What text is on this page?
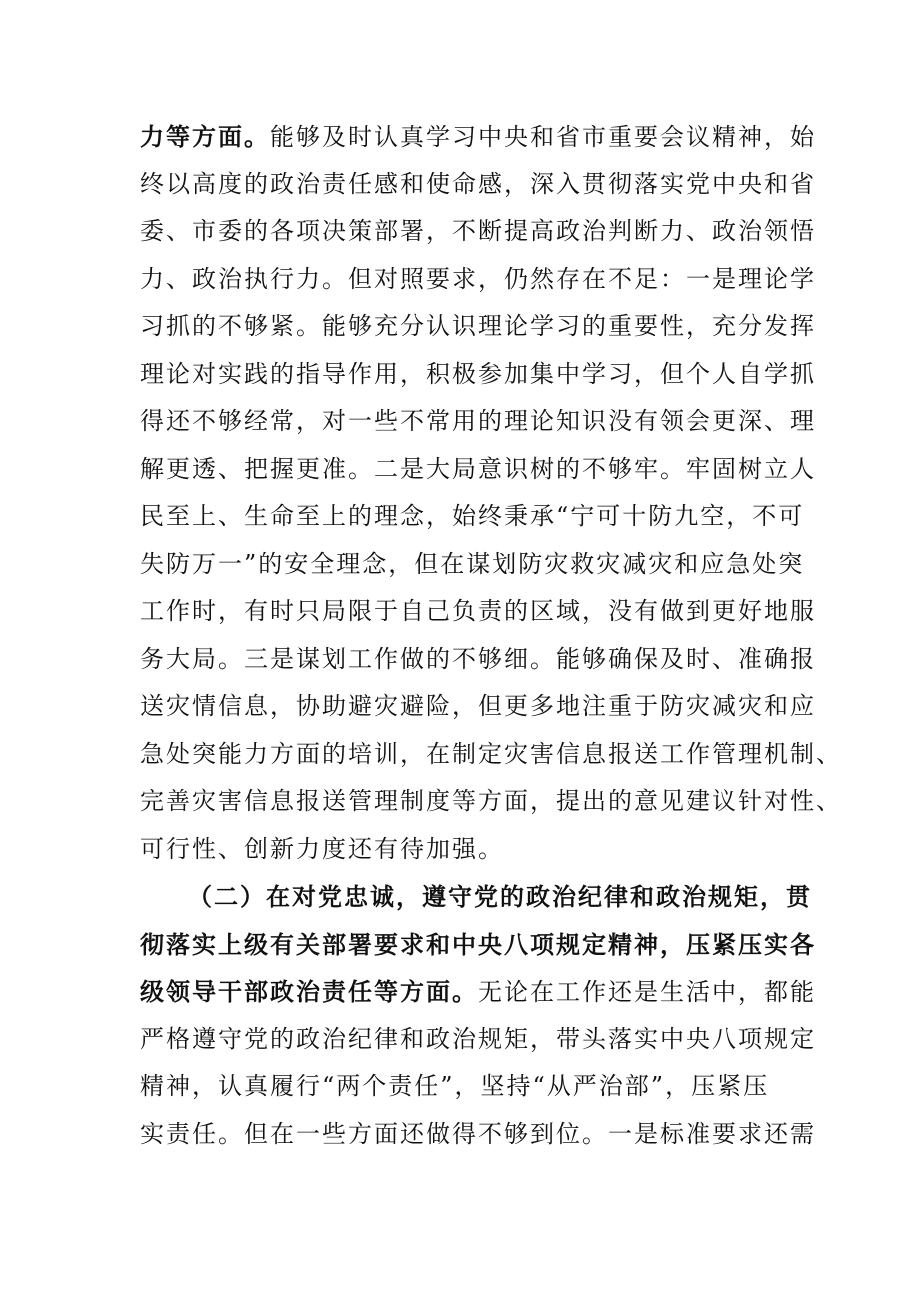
力等方面。能够及时认真学习中央和省市重要会议精神，始
终以高度的政治责任感和使命感，深入贯彻落实党中央和省
委、市委的各项决策部署，不断提高政治判断力、政治领悟
力、政治执行力。但对照要求，仍然存在不足：一是理论学
习抓的不够紧。能够充分认识理论学习的重要性，充分发挥
理论对实践的指导作用，积极参加集中学习，但个人自学抓
得还不够经常，对一些不常用的理论知识没有领会更深、理
解更透、把握更准。二是大局意识树的不够牢。牢固树立人
民至上、生命至上的理念，始终秉承“宁可十防九空，不可
失防万一”的安全理念，但在谋划防灾救灾减灾和应急处突
工作时，有时只局限于自己负责的区域，没有做到更好地服
务大局。三是谋划工作做的不够细。能够确保及时、准确报
送灾情信息，协助避灾避险，但更多地注重于防灾减灾和应
急处突能力方面的培训，在制定灾害信息报送工作管理机制、
完善灾害信息报送管理制度等方面，提出的意见建议针对性、
可行性、创新力度还有待加强。
（二）在对党忠诚，遵守党的政治纪律和政治规矩，贯
彻落实上级有关部署要求和中央八项规定精神，压紧压实各
级领导干部政治责任等方面。无论在工作还是生活中，都能
严格遵守党的政治纪律和政治规矩，带头落实中央八项规定
精神，认真履行“两个责任”，坚持“从严治部”，压紧压
实责任。但在一些方面还做得不够到位。一是标准要求还需
